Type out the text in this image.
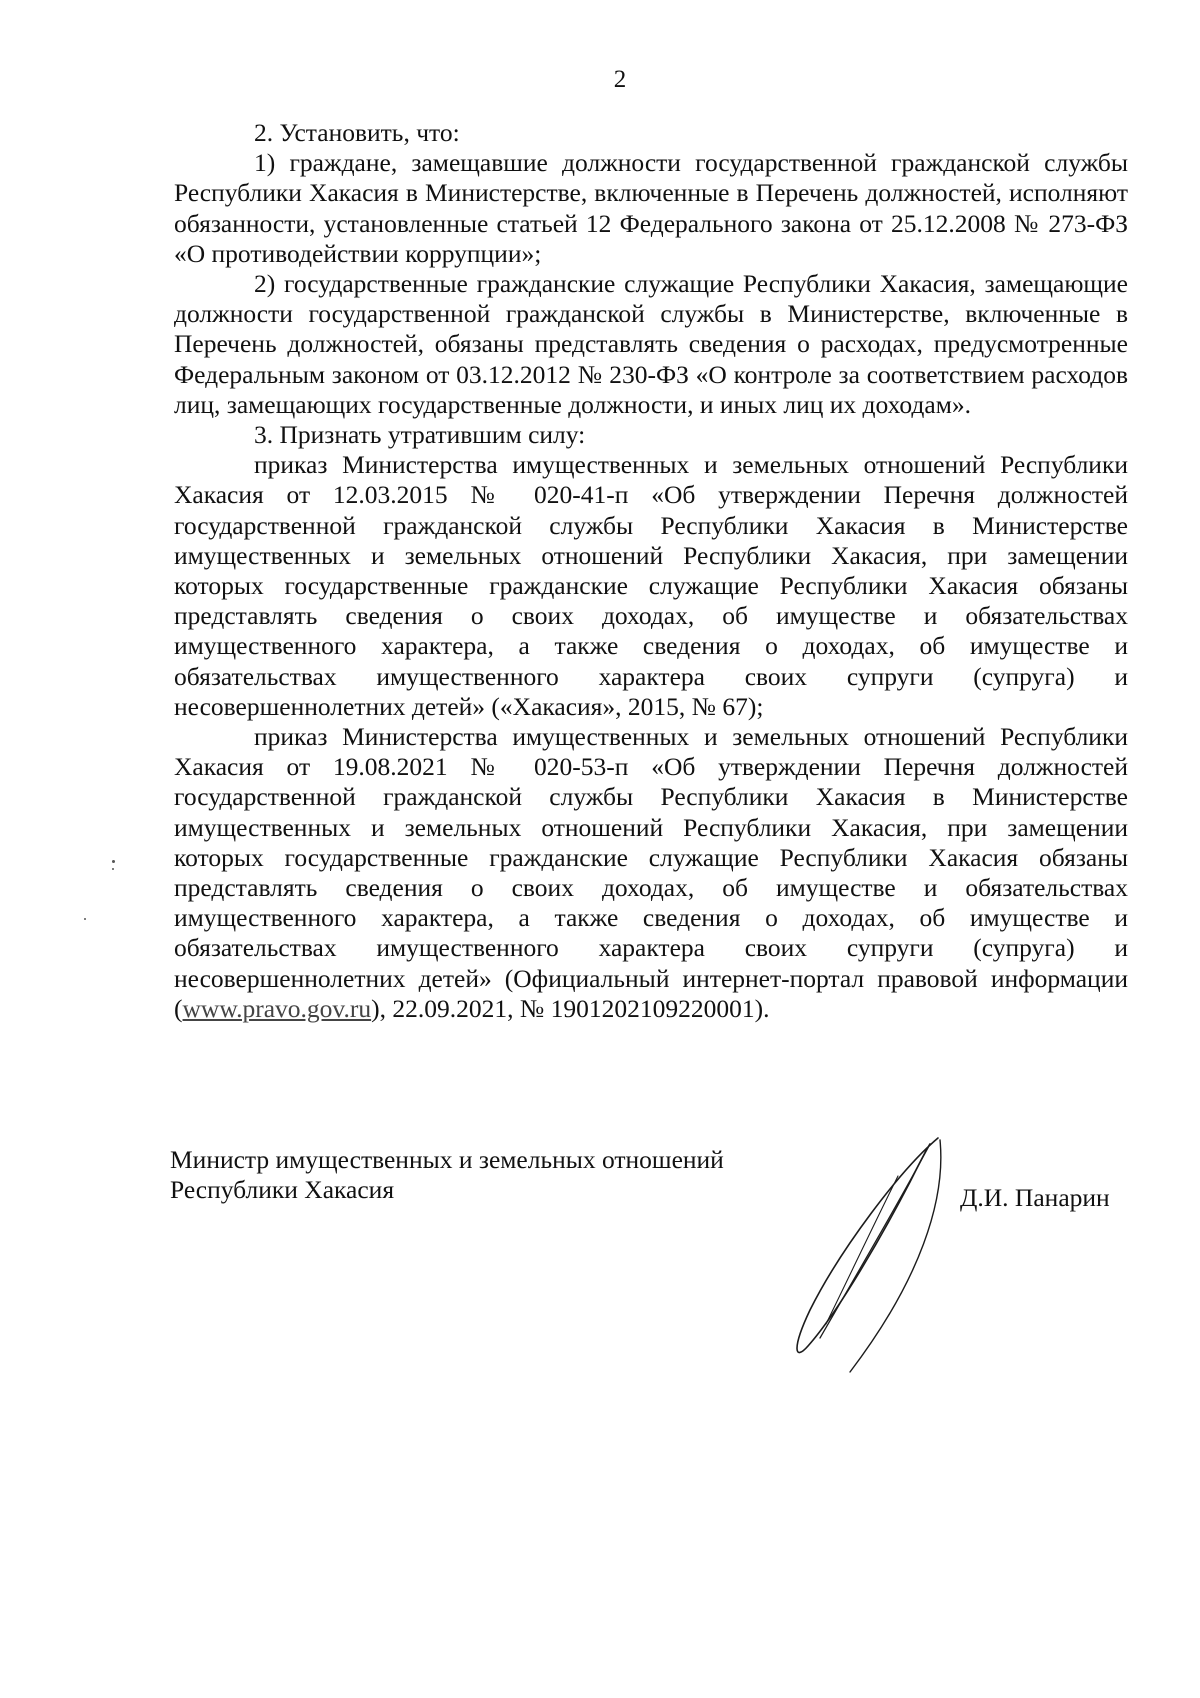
2

2. Установить, что:

1) граждане, замещавшие должности государственной гражданской службы Республики Хакасия в Министерстве, включенные в Перечень должностей, исполняют обязанности, установленные статьей 12 Федерального закона от 25.12.2008 № 273-ФЗ «О противодействии коррупции»;

2) государственные гражданские служащие Республики Хакасия, замещающие должности государственной гражданской службы в Министерстве, включенные в Перечень должностей, обязаны представлять сведения о расходах, предусмотренные Федеральным законом от 03.12.2012 № 230-ФЗ «О контроле за соответствием расходов лиц, замещающих государственные должности, и иных лиц их доходам».

3. Признать утратившим силу:

приказ Министерства имущественных и земельных отношений Республики Хакасия от 12.03.2015 № 020-41-п «Об утверждении Перечня должностей государственной гражданской службы Республики Хакасия в Министерстве имущественных и земельных отношений Республики Хакасия, при замещении которых государственные гражданские служащие Республики Хакасия обязаны представлять сведения о своих доходах, об имуществе и обязательствах имущественного характера, а также сведения о доходах, об имуществе и обязательствах имущественного характера своих супруги (супруга) и несовершеннолетних детей» («Хакасия», 2015, № 67);

приказ Министерства имущественных и земельных отношений Республики Хакасия от 19.08.2021 № 020-53-п «Об утверждении Перечня должностей государственной гражданской службы Республики Хакасия в Министерстве имущественных и земельных отношений Республики Хакасия, при замещении которых государственные гражданские служащие Республики Хакасия обязаны представлять сведения о своих доходах, об имуществе и обязательствах имущественного характера, а также сведения о доходах, об имуществе и обязательствах имущественного характера своих супруги (супруга) и несовершеннолетних детей» (Официальный интернет-портал правовой информации (www.pravo.gov.ru), 22.09.2021, № 1901202109220001).

Министр имущественных и земельных отношений
Республики Хакасия	Д.И. Панарин
